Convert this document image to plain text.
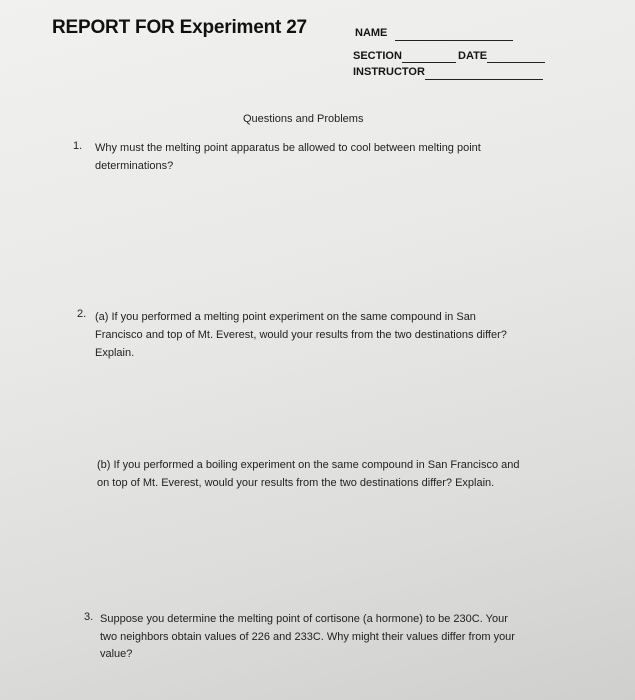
REPORT FOR Experiment 27	NAME
SECTION	DATE
INSTRUCTOR
Questions and Problems
1. Why must the melting point apparatus be allowed to cool between melting point
determinations?
2. (a) If you performed a melting point experiment on the same compound in San
Francisco and top of Mt. Everest, would your results from the two destinations differ?
Explain.
(b) If you performed a boiling experiment on the same compound in San Francisco and
on top of Mt. Everest, would your results from the two destinations differ? Explain.
3. Suppose you determine the melting point of cortisone (a hormone) to be 230C. Your
two neighbors obtain values of 226 and 233C. Why might their values differ from your
value?
